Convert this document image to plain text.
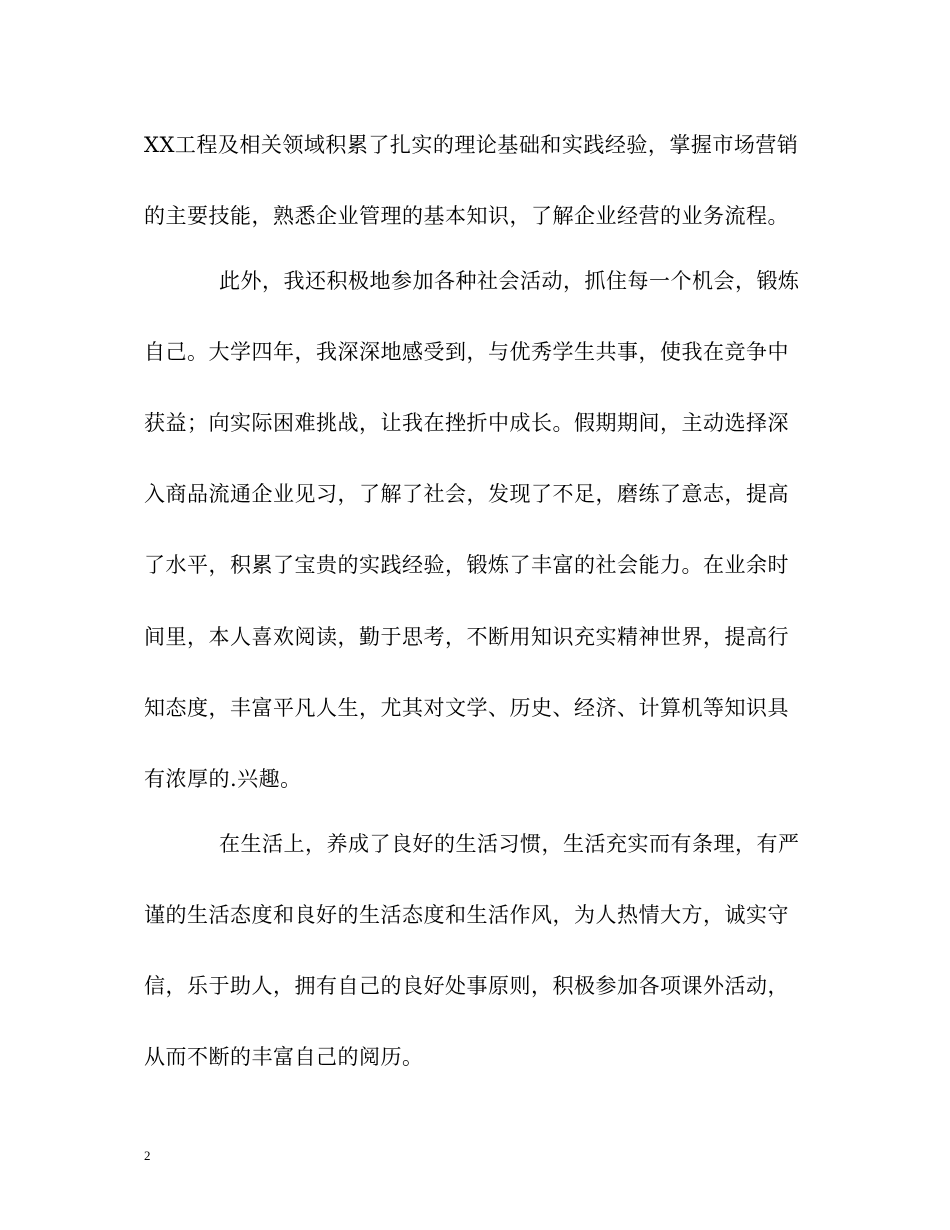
XX工程及相关领域积累了扎实的理论基础和实践经验，掌握市场营销
的主要技能，熟悉企业管理的基本知识，了解企业经营的业务流程。
此外，我还积极地参加各种社会活动，抓住每一个机会，锻炼
自己。大学四年，我深深地感受到，与优秀学生共事，使我在竞争中
获益；向实际困难挑战，让我在挫折中成长。假期期间，主动选择深
入商品流通企业见习，了解了社会，发现了不足，磨练了意志，提高
了水平，积累了宝贵的实践经验，锻炼了丰富的社会能力。在业余时
间里，本人喜欢阅读，勤于思考，不断用知识充实精神世界，提高行
知态度，丰富平凡人生，尤其对文学、历史、经济、计算机等知识具
有浓厚的.兴趣。
在生活上，养成了良好的生活习惯，生活充实而有条理，有严
谨的生活态度和良好的生活态度和生活作风，为人热情大方，诚实守
信，乐于助人，拥有自己的良好处事原则，积极参加各项课外活动，
从而不断的丰富自己的阅历。
2
